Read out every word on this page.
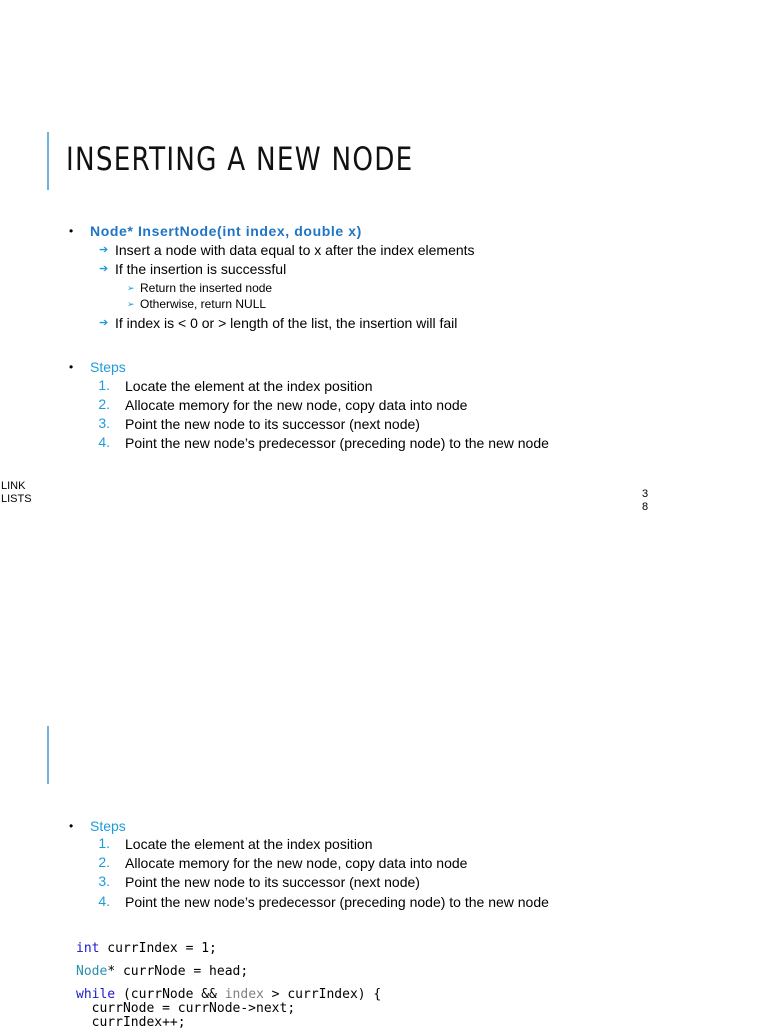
INSERTING A NEW NODE
• Node* InsertNode(int index, double x)
➔ Insert a node with data equal to x after the index elements
➔ If the insertion is successful
➢ Return the inserted node
➢ Otherwise, return NULL
➔ If index is < 0 or > length of the list, the insertion will fail
• Steps
1. Locate the element at the index position
2. Allocate memory for the new node, copy data into node
3. Point the new node to its successor (next node)
4. Point the new node’s predecessor (preceding node) to the new node
LINK
LISTS	3
8
• Steps
1. Locate the element at the index position
2. Allocate memory for the new node, copy data into node
3. Point the new node to its successor (next node)
4. Point the new node’s predecessor (preceding node) to the new node
int currIndex = 1;
Node* currNode = head;
while (currNode && index > currIndex) {
currNode = currNode->next;
currIndex++;
